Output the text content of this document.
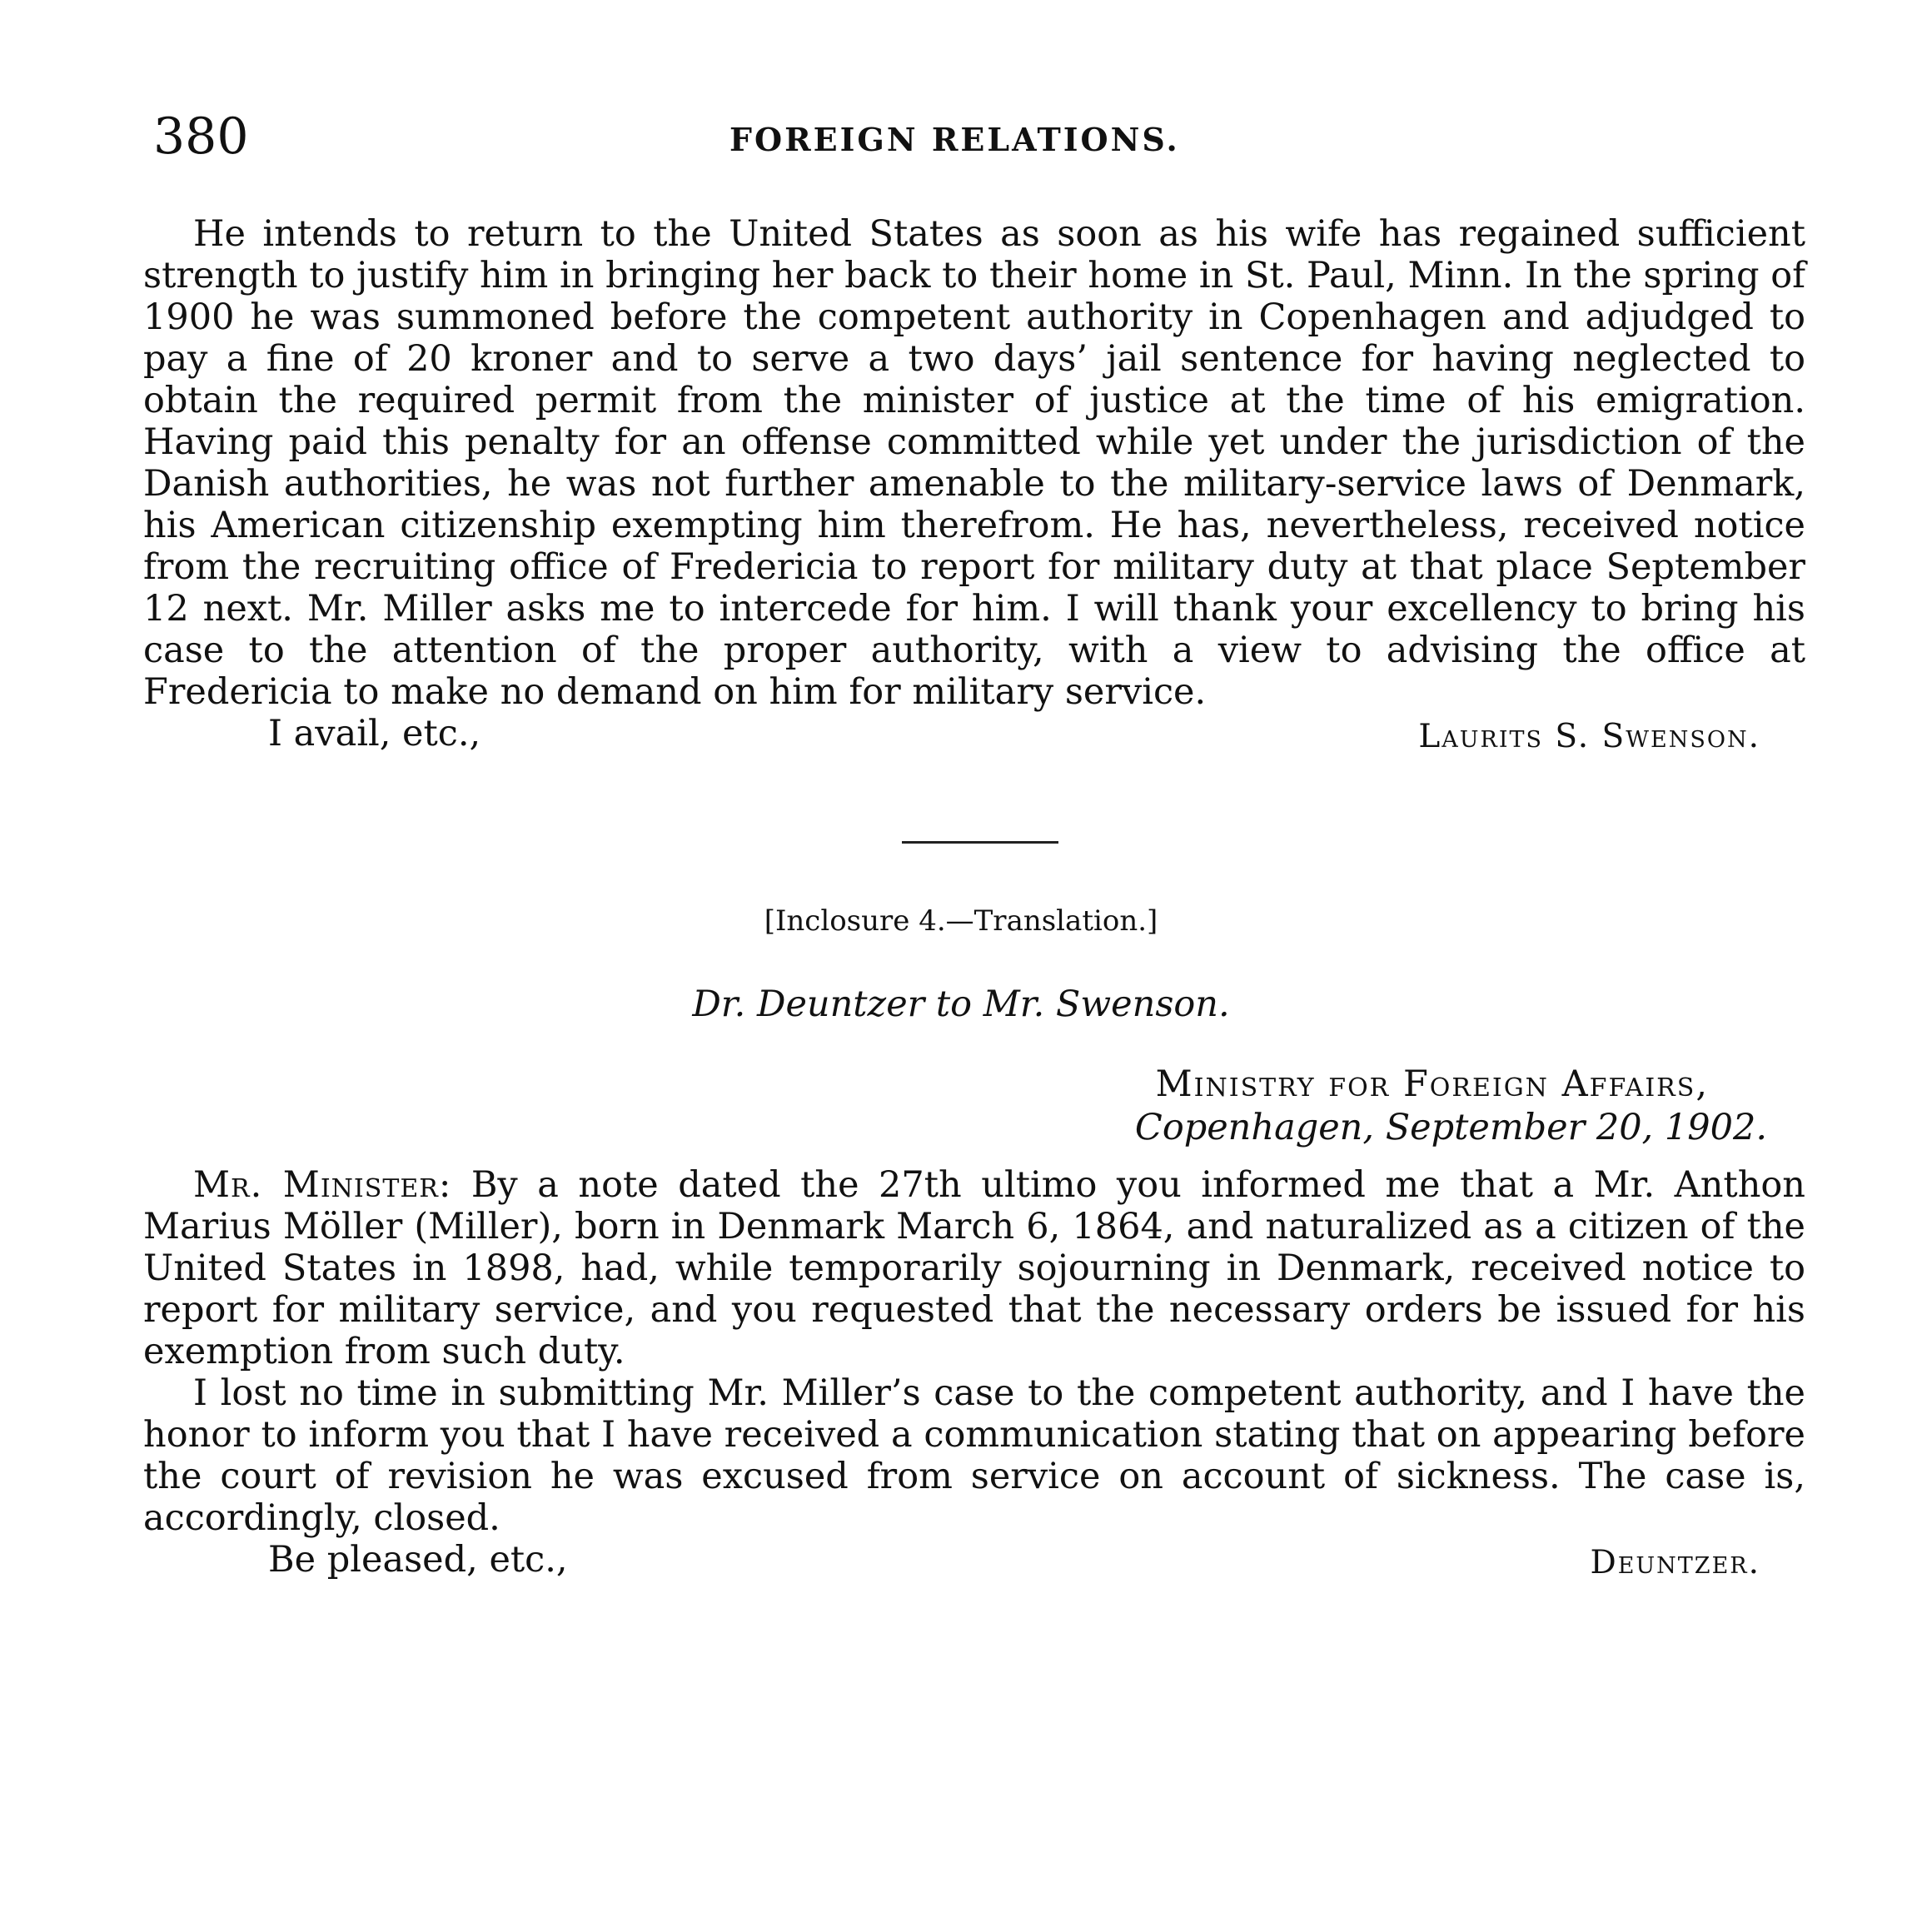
380	FOREIGN RELATIONS.

He intends to return to the United States as soon as his wife has regained sufficient strength to justify him in bringing her back to their home in St. Paul, Minn. In the spring of 1900 he was summoned before the competent authority in Copenhagen and adjudged to pay a fine of 20 kroner and to serve a two days’ jail sentence for having neglected to obtain the required permit from the minister of justice at the time of his emigration. Having paid this penalty for an offense committed while yet under the jurisdiction of the Danish authorities, he was not further amenable to the military-service laws of Denmark, his American citizenship exempting him therefrom. He has, nevertheless, received notice from the recruiting office of Fredericia to report for military duty at that place September 12 next. Mr. Miller asks me to intercede for him. I will thank your excellency to bring his case to the attention of the proper authority, with a view to advising the office at Fredericia to make no demand on him for military service.

I avail, etc.,	Laurits S. Swenson.
[Inclosure 4.—Translation.]
Dr. Deuntzer to Mr. Swenson.
Ministry for Foreign Affairs,
Copenhagen, September 20, 1902.

Mr. Minister: By a note dated the 27th ultimo you informed me that a Mr. Anthon Marius Möller (Miller), born in Denmark March 6, 1864, and naturalized as a citizen of the United States in 1898, had, while temporarily sojourning in Denmark, received notice to report for military service, and you requested that the necessary orders be issued for his exemption from such duty.

I lost no time in submitting Mr. Miller’s case to the competent authority, and I have the honor to inform you that I have received a communication stating that on appearing before the court of revision he was excused from service on account of sickness. The case is, accordingly, closed.

Be pleased, etc.,	Deuntzer.
